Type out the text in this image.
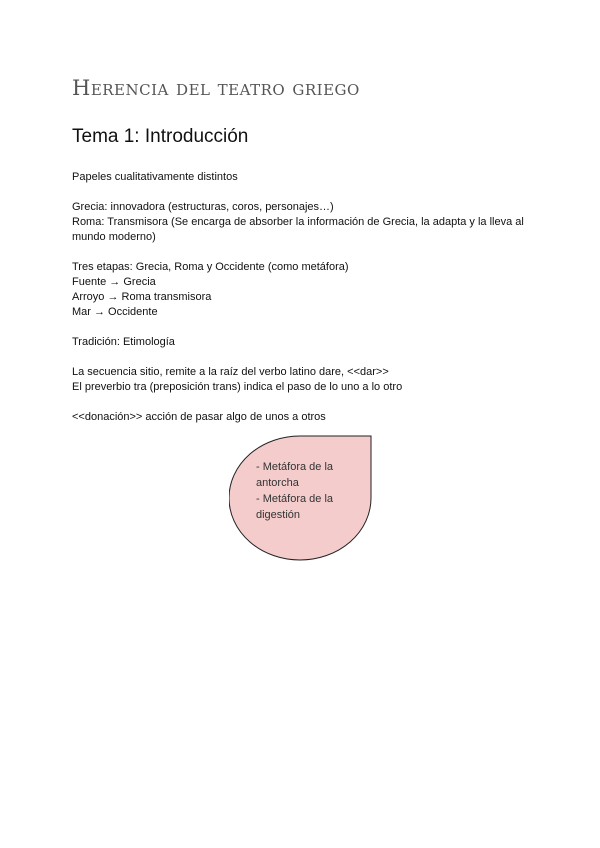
Herencia del teatro griego
Tema 1: Introducción
Papeles cualitativamente distintos
Grecia: innovadora (estructuras, coros, personajes…)
Roma: Transmisora (Se encarga de absorber la información de Grecia, la adapta y la lleva al mundo moderno)
Tres etapas: Grecia, Roma y Occidente (como metáfora)
Fuente → Grecia
Arroyo → Roma transmisora
Mar → Occidente
Tradición: Etimología
La secuencia sitio, remite a la raíz del verbo latino dare, <<dar>>
El preverbio tra (preposición trans) indica el paso de lo uno a lo otro
<<donación>> acción de pasar algo de unos a otros
- Metáfora de la antorcha
- Metáfora de la digestión
